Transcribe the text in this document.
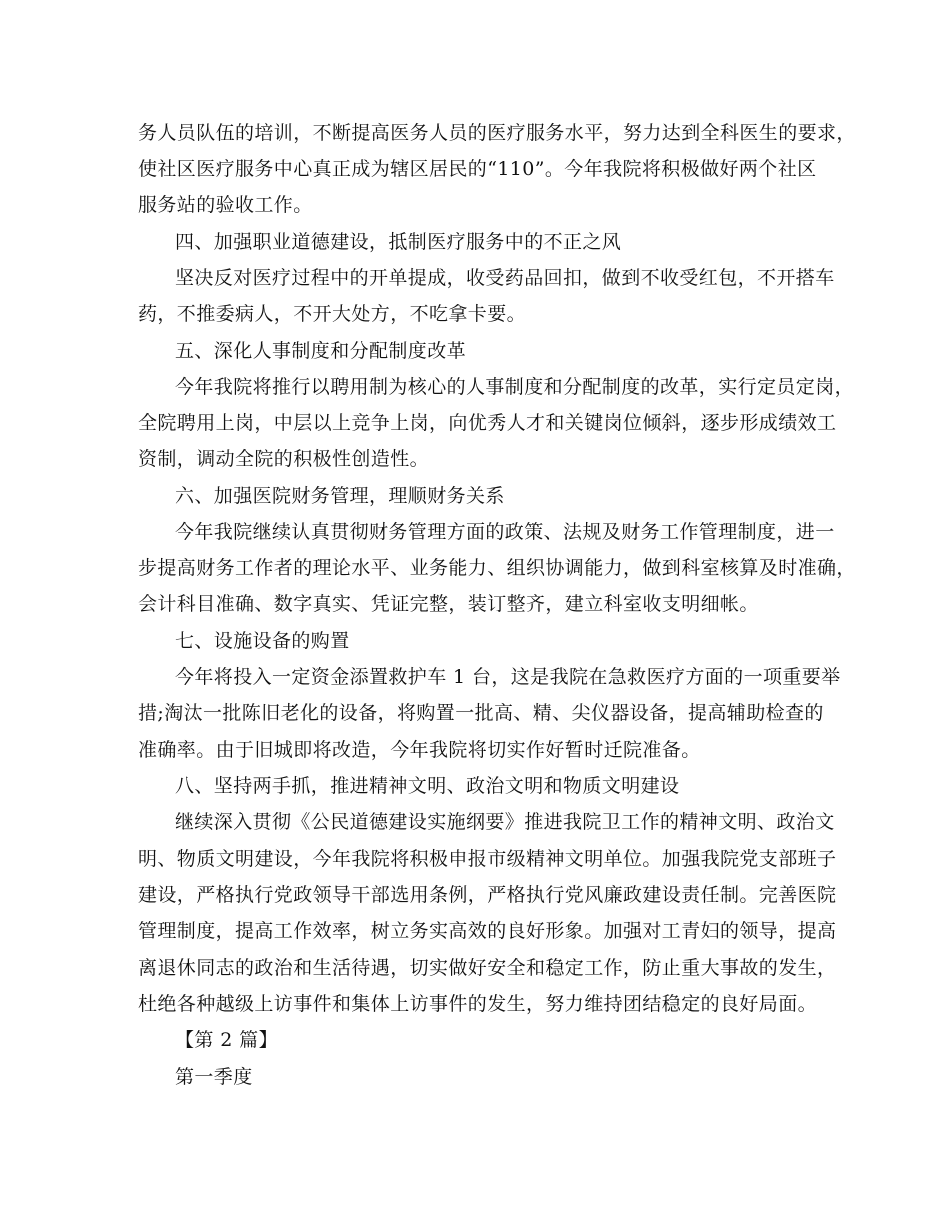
务人员队伍的培训，不断提高医务人员的医疗服务水平，努力达到全科医生的要求，

使社区医疗服务中心真正成为辖区居民的“110”。今年我院将积极做好两个社区

服务站的验收工作。

四、加强职业道德建设，抵制医疗服务中的不正之风

坚决反对医疗过程中的开单提成，收受药品回扣，做到不收受红包，不开搭车

药，不推委病人，不开大处方，不吃拿卡要。

五、深化人事制度和分配制度改革

今年我院将推行以聘用制为核心的人事制度和分配制度的改革，实行定员定岗，

全院聘用上岗，中层以上竞争上岗，向优秀人才和关键岗位倾斜，逐步形成绩效工

资制，调动全院的积极性创造性。

六、加强医院财务管理，理顺财务关系

今年我院继续认真贯彻财务管理方面的政策、法规及财务工作管理制度，进一

步提高财务工作者的理论水平、业务能力、组织协调能力，做到科室核算及时准确，

会计科目准确、数字真实、凭证完整，装订整齐，建立科室收支明细帐。

七、设施设备的购置

今年将投入一定资金添置救护车 1 台，这是我院在急救医疗方面的一项重要举

措;淘汰一批陈旧老化的设备，将购置一批高、精、尖仪器设备，提高辅助检查的

准确率。由于旧城即将改造，今年我院将切实作好暂时迁院准备。

八、坚持两手抓，推进精神文明、政治文明和物质文明建设

继续深入贯彻《公民道德建设实施纲要》推进我院卫工作的精神文明、政治文

明、物质文明建设，今年我院将积极申报市级精神文明单位。加强我院党支部班子

建设，严格执行党政领导干部选用条例，严格执行党风廉政建设责任制。完善医院

管理制度，提高工作效率，树立务实高效的良好形象。加强对工青妇的领导，提高

离退休同志的政治和生活待遇，切实做好安全和稳定工作，防止重大事故的发生，

杜绝各种越级上访事件和集体上访事件的发生，努力维持团结稳定的良好局面。

【第 2 篇】

第一季度
